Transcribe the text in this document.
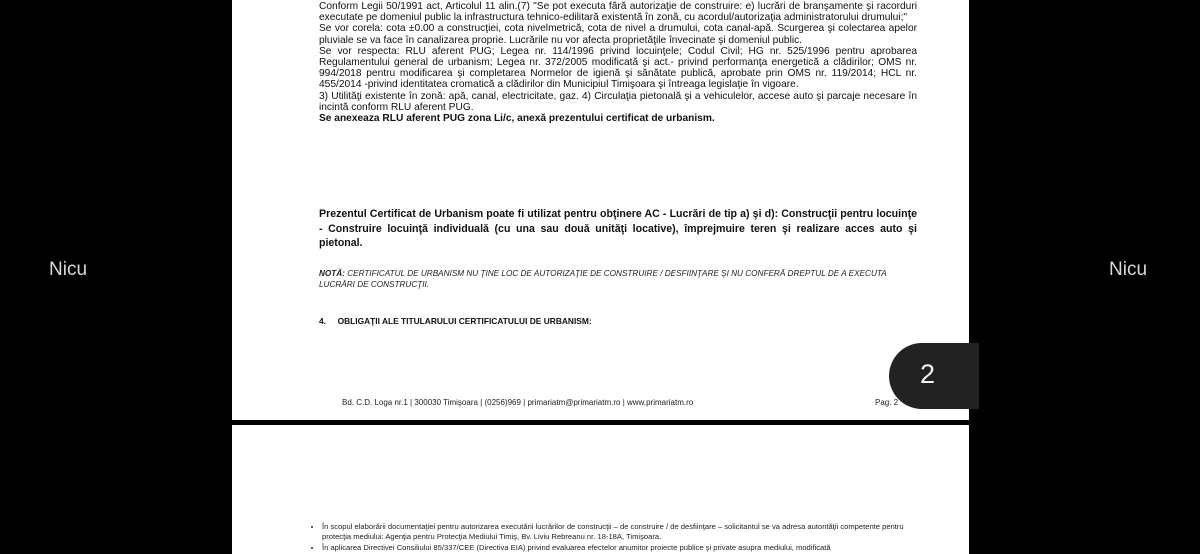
Nicu	Nicu

Conform Legii 50/1991 act, Articolul 11 alin.(7) "Se pot executa fără autorizaţie de construire: e) lucrări de branşamente şi racorduri executate pe domeniul public la infrastructura tehnico-edilitară existentă în zonă, cu acordul/autorizaţia administratorului drumului;"

Se vor corela: cota ±0.00 a construcţiei, cota nivelmetrică, cota de nivel a drumului, cota canal-apă. Scurgerea şi colectarea apelor pluviale se va face în canalizarea proprie. Lucrările nu vor afecta proprietăţile învecinate şi domeniul public.

Se vor respecta: RLU aferent PUG; Legea nr. 114/1996 privind locuinţele; Codul Civil; HG nr. 525/1996 pentru aprobarea Regulamentului general de urbanism; Legea nr. 372/2005 modificată şi act.- privind performanţa energetică a clădirilor; OMS nr. 994/2018 pentru modificarea şi completarea Normelor de igienă şi sănătate publică, aprobate prin OMS nr. 119/2014; HCL nr. 455/2014 -privind identitatea cromatică a clădirilor din Municipiul Timişoara şi întreaga legislaţie în vigoare.

3) Utilităţi existente în zonă: apă, canal, electricitate, gaz. 4) Circulaţia pietonală şi a vehiculelor, accese auto şi parcaje necesare în incintă conform RLU aferent PUG.

Se anexeaza RLU aferent PUG zona Li/c, anexă prezentului certificat de urbanism.

Prezentul Certificat de Urbanism poate fi utilizat pentru obţinere AC - Lucrări de tip a) şi d): Construcţii pentru locuinţe - Construire locuinţă individuală (cu una sau două unităţi locative), împrejmuire teren şi realizare acces auto şi pietonal.
NOTĂ: CERTIFICATUL DE URBANISM NU ŢINE LOC DE AUTORIZAŢIE DE CONSTRUIRE / DESFIINŢARE ŞI NU CONFERĂ DREPTUL DE A EXECUTA LUCRĂRI DE CONSTRUCŢII.
4.     OBLIGAŢII ALE TITULARULUI CERTIFICATULUI DE URBANISM:
Bd. C.D. Loga nr.1 | 300030 Timişoara | (0256)969 | primariatm@primariatm.ro | www.primariatm.ro	Pag. 2
2
• În scopul elaborării documentaţiei pentru autorizarea executării lucrărilor de construcţii – de construire / de desfiinţare – solicitantul se va adresa autorităţii competente pentru protecţia mediului: Agenţia pentru Protecţia Mediului Timiş, Bv. Liviu Rebreanu nr. 18-18A, Timişoara.
• În aplicarea Directivei Consiliului 85/337/CEE (Directiva EIA) privind evaluarea efectelor anumitor proiecte publice şi private asupra mediului, modificată
